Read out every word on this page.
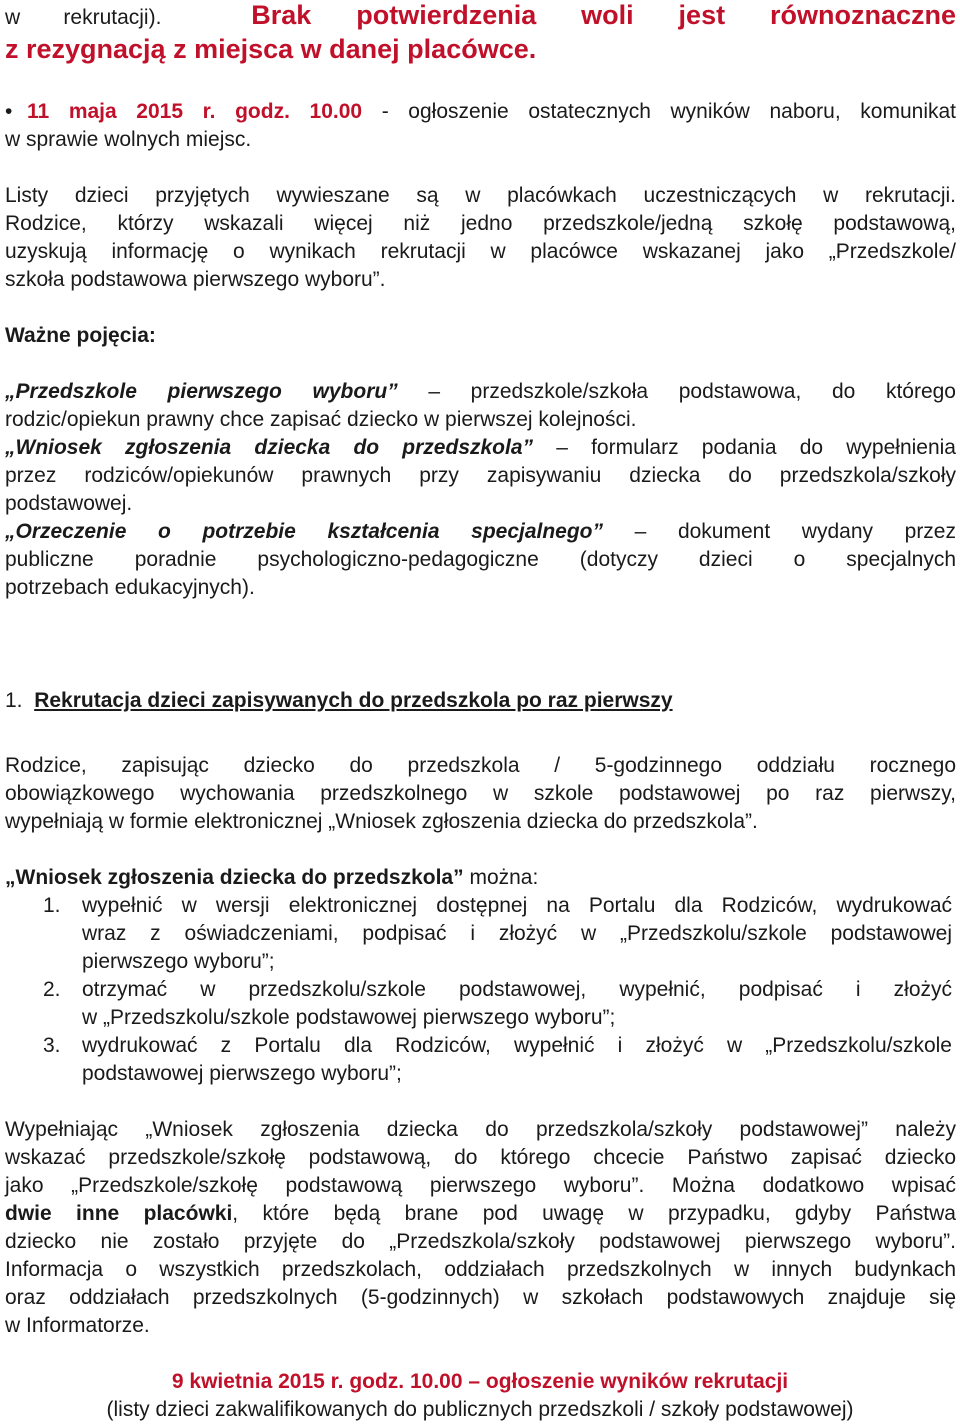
w rekrutacji).	Brak potwierdzenia woli jest równoznaczne
z rezygnacją z miejsca w danej placówce.
• 11 maja 2015 r. godz. 10.00 - ogłoszenie ostatecznych wyników naboru, komunikat
w sprawie wolnych miejsc.
Listy dzieci przyjętych wywieszane są w placówkach uczestniczących w rekrutacji.
Rodzice, którzy wskazali więcej niż jedno przedszkole/jedną szkołę podstawową,
uzyskują informację o wynikach rekrutacji w placówce wskazanej jako „Przedszkole/
szkoła podstawowa pierwszego wyboru”.
Ważne pojęcia:
„Przedszkole pierwszego wyboru” – przedszkole/szkoła podstawowa, do którego
rodzic/opiekun prawny chce zapisać dziecko w pierwszej kolejności.
„Wniosek zgłoszenia dziecka do przedszkola” – formularz podania do wypełnienia
przez rodziców/opiekunów prawnych przy zapisywaniu dziecka do przedszkola/szkoły
podstawowej.
„Orzeczenie o potrzebie kształcenia specjalnego” – dokument wydany przez
publiczne poradnie psychologiczno-pedagogiczne (dotyczy dzieci o specjalnych
potrzebach edukacyjnych).
1. Rekrutacja dzieci zapisywanych do przedszkola po raz pierwszy
Rodzice, zapisując dziecko do przedszkola / 5-godzinnego oddziału rocznego
obowiązkowego wychowania przedszkolnego w szkole podstawowej po raz pierwszy,
wypełniają w formie elektronicznej „Wniosek zgłoszenia dziecka do przedszkola”.
„Wniosek zgłoszenia dziecka do przedszkola” można:
1. wypełnić w wersji elektronicznej dostępnej na Portalu dla Rodziców, wydrukować
wraz z oświadczeniami, podpisać i złożyć w „Przedszkolu/szkole podstawowej
pierwszego wyboru”;
2. otrzymać w przedszkolu/szkole podstawowej, wypełnić, podpisać i złożyć
w „Przedszkolu/szkole podstawowej pierwszego wyboru”;
3. wydrukować z Portalu dla Rodziców, wypełnić i złożyć w „Przedszkolu/szkole
podstawowej pierwszego wyboru”;
Wypełniając „Wniosek zgłoszenia dziecka do przedszkola/szkoły podstawowej” należy
wskazać przedszkole/szkołę podstawową, do którego chcecie Państwo zapisać dziecko
jako „Przedszkole/szkołę podstawową pierwszego wyboru”. Można dodatkowo wpisać
dwie inne placówki, które będą brane pod uwagę w przypadku, gdyby Państwa
dziecko nie zostało przyjęte do „Przedszkola/szkoły podstawowej pierwszego wyboru”.
Informacja o wszystkich przedszkolach, oddziałach przedszkolnych w innych budynkach
oraz oddziałach przedszkolnych (5-godzinnych) w szkołach podstawowych znajduje się
w Informatorze.
9 kwietnia 2015 r. godz. 10.00 – ogłoszenie wyników rekrutacji
(listy dzieci zakwalifikowanych do publicznych przedszkoli / szkoły podstawowej)
